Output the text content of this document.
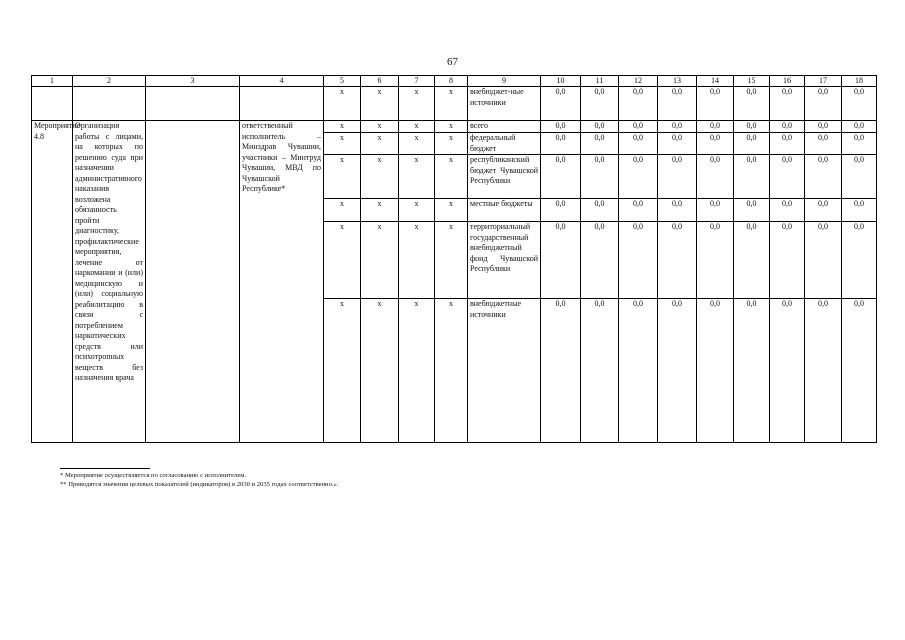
67
1	2	3	4	5	6	7	8	9	10	11	12	13	14	15	16	17	18
				x	x	x	x	внебюджет-ные источники	0,0	0,0	0,0	0,0	0,0	0,0	0,0	0,0	0,0
Мероприятие 4.8	Организация работы с лицами, на которых по решению суда при назначении административного наказания возложена обязанность пройти диагностику, профилактические мероприятия, лечение от наркомании и (или) медицинскую и (или) социальную реабилитацию в связи с потреблением наркотических средств или психотропных веществ без назначения врача		ответственный исполнитель – Минздрав Чувашии, участники – Минтруд Чувашии, МВД по Чувашской Республике*	x	x	x	x	всего	0,0	0,0	0,0	0,0	0,0	0,0	0,0	0,0	0,0
				x	x	x	x	федеральный бюджет	0,0	0,0	0,0	0,0	0,0	0,0	0,0	0,0	0,0
				x	x	x	x	республиканский бюджет Чувашской Республики	0,0	0,0	0,0	0,0	0,0	0,0	0,0	0,0	0,0
				x	x	x	x	местные бюджеты	0,0	0,0	0,0	0,0	0,0	0,0	0,0	0,0	0,0
				x	x	x	x	территориальный государственный внебюджетный фонд Чувашской Республики	0,0	0,0	0,0	0,0	0,0	0,0	0,0	0,0	0,0
				x	x	x	x	внебюджетные источники	0,0	0,0	0,0	0,0	0,0	0,0	0,0	0,0	0,0
* Мероприятие осуществляется по согласованию с исполнителем.
** Приводятся значения целевых показателей (индикаторов) в 2030 и 2035 годах соответственно.».
